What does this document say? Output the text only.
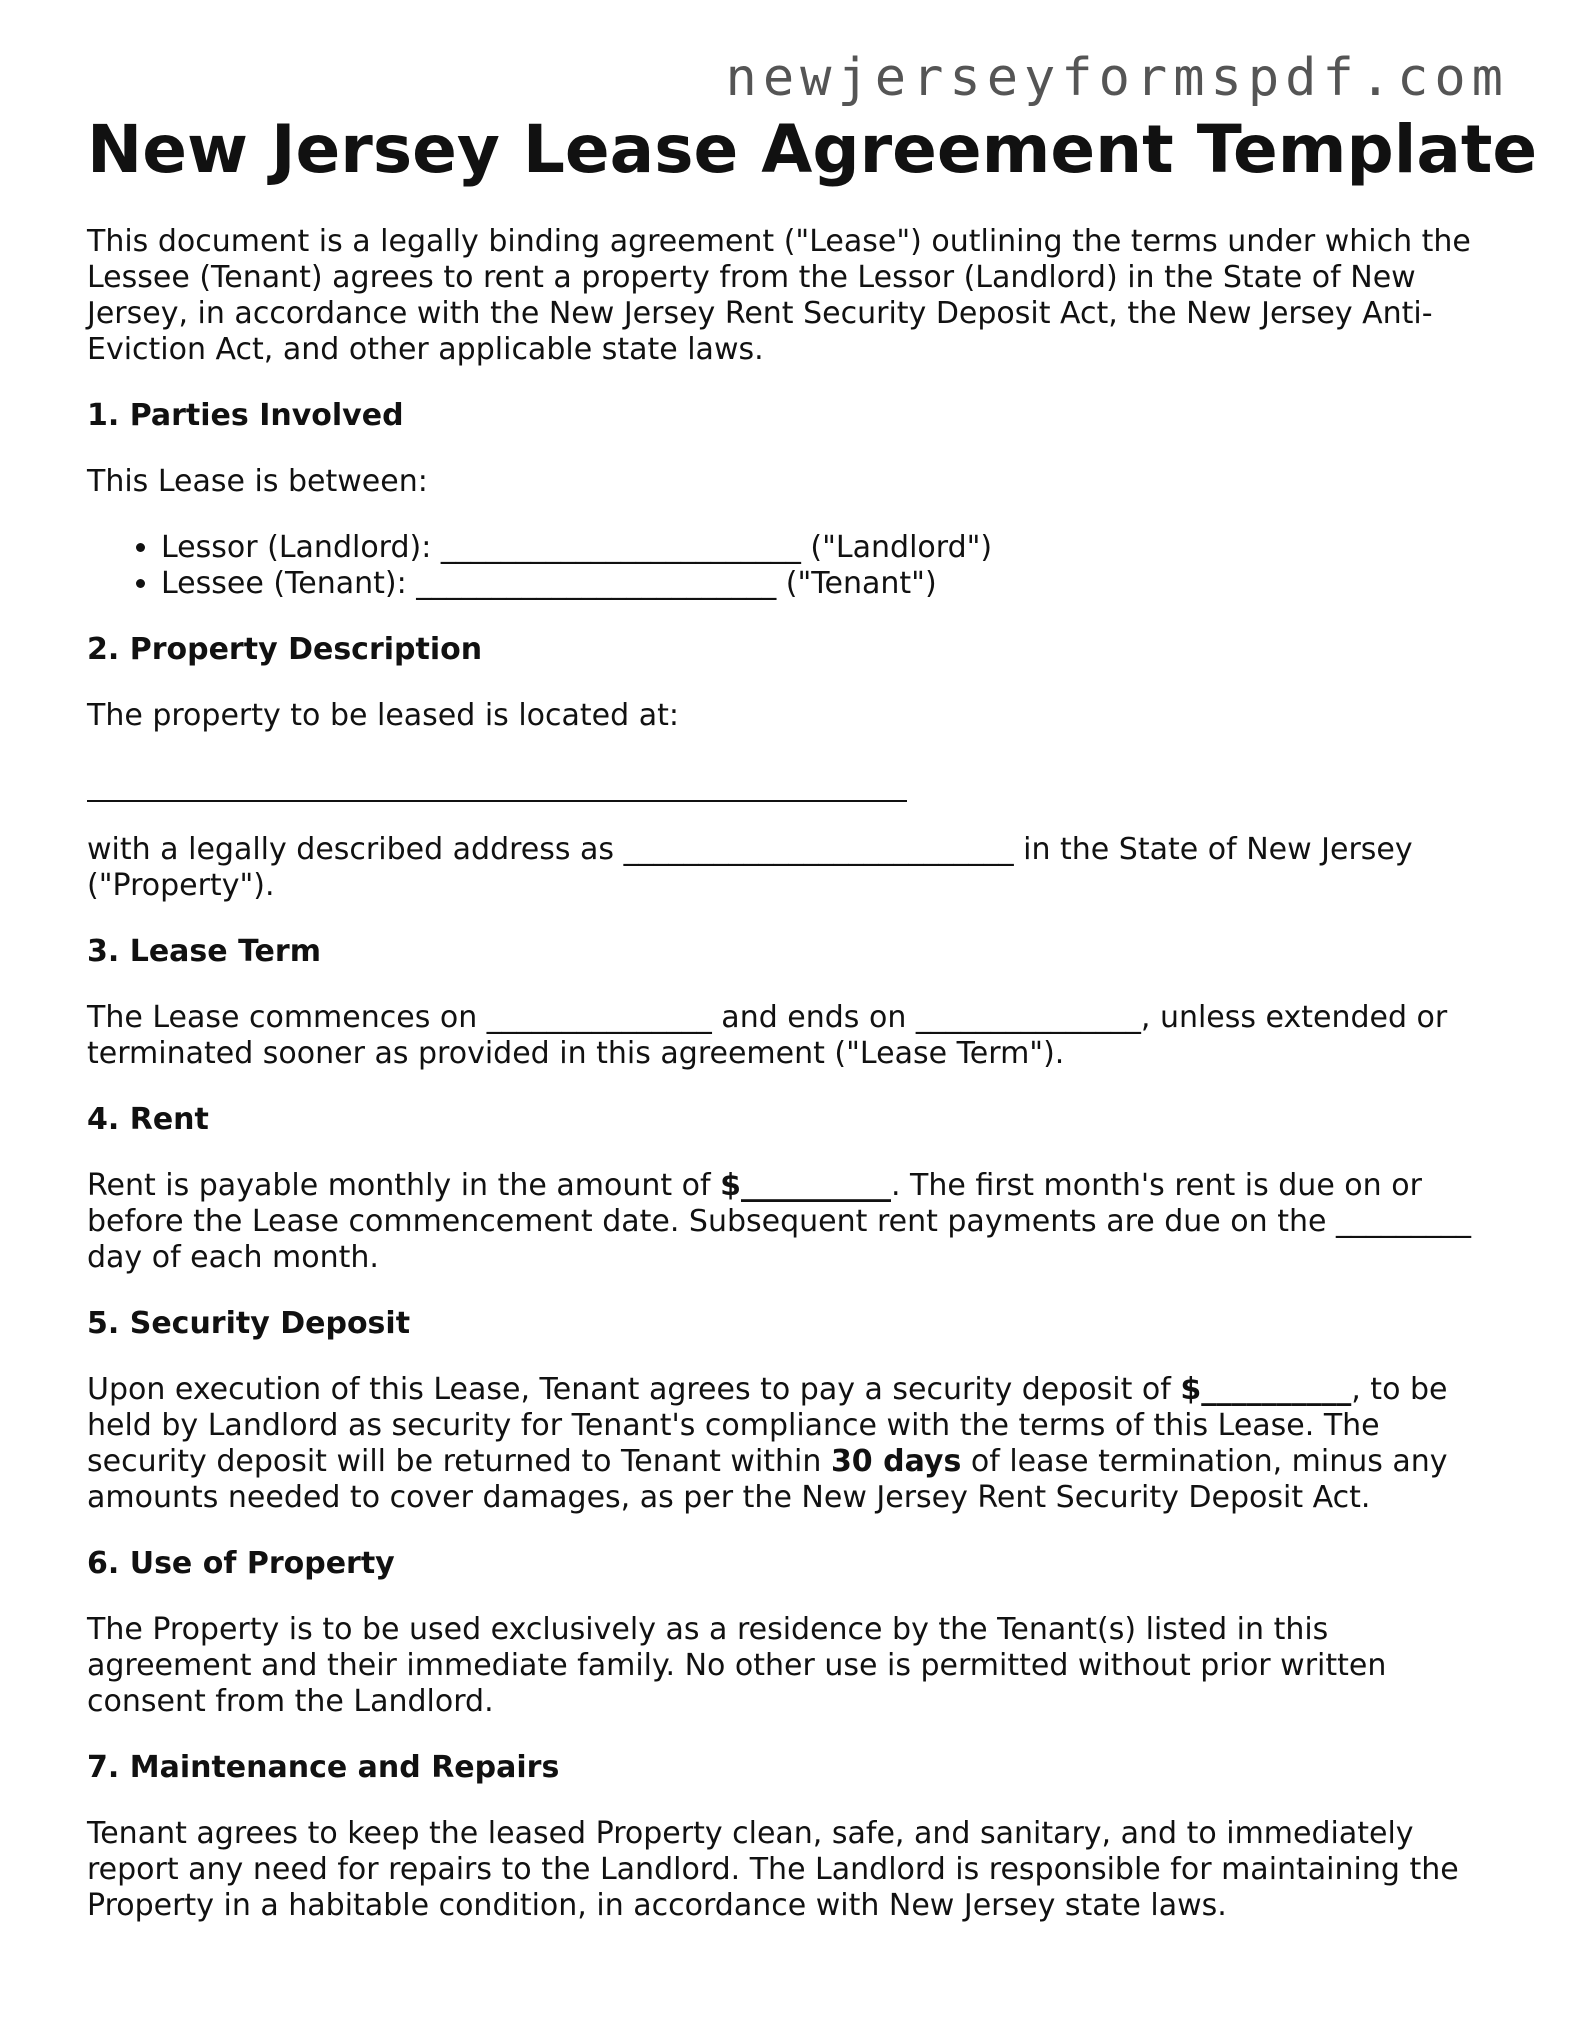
newjerseyformspdf.com
New Jersey Lease Agreement Template

This document is a legally binding agreement ("Lease") outlining the terms under which the Lessee (Tenant) agrees to rent a property from the Lessor (Landlord) in the State of New Jersey, in accordance with the New Jersey Rent Security Deposit Act, the New Jersey Anti-Eviction Act, and other applicable state laws.

1. Parties Involved

This Lease is between:

• Lessor (Landlord): ________________________ ("Landlord")
• Lessee (Tenant): ________________________ ("Tenant")
2. Property Description

The property to be leased is located at:

with a legally described address as __________________________ in the State of New Jersey ("Property").

3. Lease Term

The Lease commences on _______________ and ends on _______________, unless extended or terminated sooner as provided in this agreement ("Lease Term").

4. Rent

Rent is payable monthly in the amount of $__________. The first month's rent is due on or before the Lease commencement date. Subsequent rent payments are due on the _________ day of each month.

5. Security Deposit

Upon execution of this Lease, Tenant agrees to pay a security deposit of $__________, to be held by Landlord as security for Tenant's compliance with the terms of this Lease. The security deposit will be returned to Tenant within 30 days of lease termination, minus any amounts needed to cover damages, as per the New Jersey Rent Security Deposit Act.

6. Use of Property

The Property is to be used exclusively as a residence by the Tenant(s) listed in this agreement and their immediate family. No other use is permitted without prior written consent from the Landlord.

7. Maintenance and Repairs

Tenant agrees to keep the leased Property clean, safe, and sanitary, and to immediately report any need for repairs to the Landlord. The Landlord is responsible for maintaining the Property in a habitable condition, in accordance with New Jersey state laws.
